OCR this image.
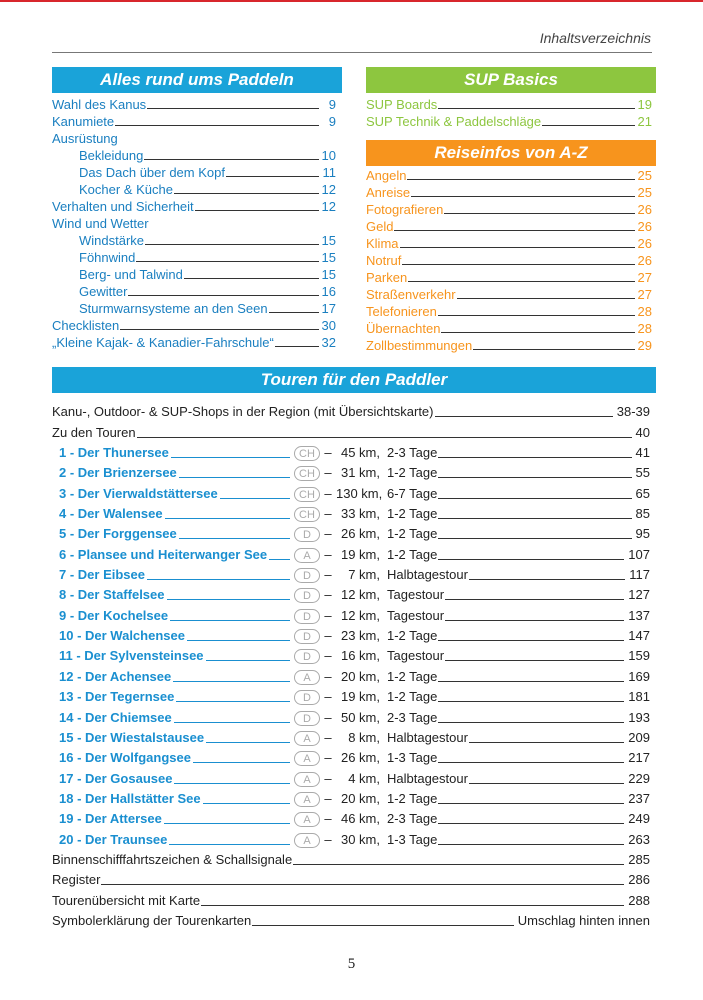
Inhaltsverzeichnis
Alles rund ums Paddeln
Wahl des Kanus	9
Kanumiete	9
Ausrüstung
Bekleidung	10
Das Dach über dem Kopf	11
Kocher & Küche	12
Verhalten und Sicherheit	12
Wind und Wetter
Windstärke	15
Föhnwind	15
Berg- und Talwind	15
Gewitter	16
Sturmwarnsysteme an den Seen	17
Checklisten	30
„Kleine Kajak- & Kanadier-Fahrschule“	32
SUP Basics
SUP Boards	19
SUP Technik & Paddelschläge	21
Reiseinfos von A-Z
Angeln	25
Anreise	25
Fotografieren	26
Geld	26
Klima	26
Notruf	26
Parken	27
Straßenverkehr	27
Telefonieren	28
Übernachten	28
Zollbestimmungen	29
Touren für den Paddler
Kanu-, Outdoor- & SUP-Shops in der Region (mit Übersichtskarte)	38-39
Zu den Touren	40
1 - Der Thunersee	CH – 45 km, 2-3 Tage	41
2 - Der Brienzersee	CH – 31 km, 1-2 Tage	55
3 - Der Vierwaldstättersee	CH – 130 km, 6-7 Tage	65
4 - Der Walensee	CH – 33 km, 1-2 Tage	85
5 - Der Forggensee	D	– 26 km, 1-2 Tage	95
6 - Plansee und Heiterwanger See	A	– 19 km, 1-2 Tage	107
7 - Der Eibsee	D	–	7 km, Halbtagestour	117
8 - Der Staffelsee	D	– 12 km, Tagestour	127
9 - Der Kochelsee	D	– 12 km, Tagestour	137
10 - Der Walchensee	D	– 23 km, 1-2 Tage	147
11 - Der Sylvensteinsee	D	– 16 km, Tagestour	159
12 - Der Achensee	A	– 20 km, 1-2 Tage	169
13 - Der Tegernsee	D	– 19 km, 1-2 Tage	181
14 - Der Chiemsee	D	– 50 km, 2-3 Tage	193
15 - Der Wiestalstausee	A	–	8 km, Halbtagestour	209
16 - Der Wolfgangsee	A	– 26 km, 1-3 Tage	217
17 - Der Gosausee	A	–	4 km, Halbtagestour	229
18 - Der Hallstätter See	A	– 20 km, 1-2 Tage	237
19 - Der Attersee	A	– 46 km, 2-3 Tage	249
20 - Der Traunsee	A	– 30 km, 1-3 Tage	263
Binnenschifffahrtszeichen & Schallsignale	285
Register	286
Tourenübersicht mit Karte	288
Symbolerklärung der Tourenkarten	Umschlag hinten innen
5
